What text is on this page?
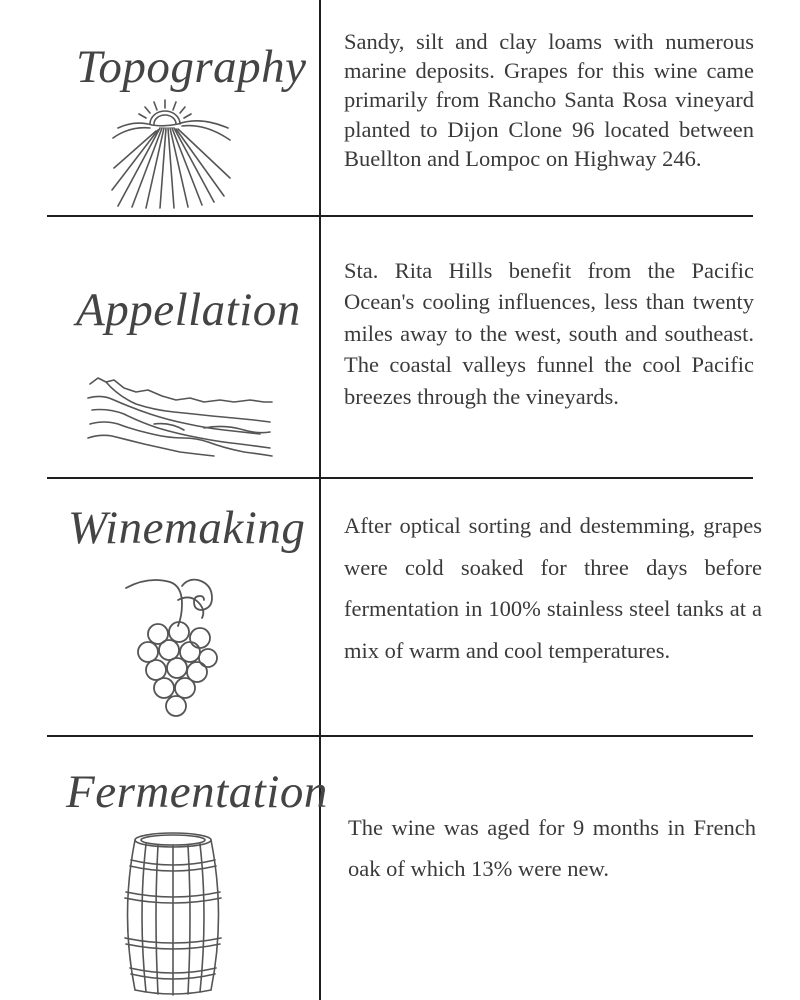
Topography Sandy, silt and clay loams with numerous marine deposits. Grapes for this wine came primarily from Rancho Santa Rosa vineyard planted to Dijon Clone 96 located between Buellton and Lompoc on Highway 246.

Appellation

Sta. Rita Hills benefit from the Pacific Ocean's cooling influences, less than twenty miles away to the west, south and southeast. The coastal valleys funnel the cool Pacific breezes through the vineyards.

Winemaking After optical sorting and destemming, grapes were cold soaked for three days before fermentation in 100% stainless steel tanks at a mix of warm and cool temperatures.

Fermentation

The wine was aged for 9 months in French oak of which 13% were new.
